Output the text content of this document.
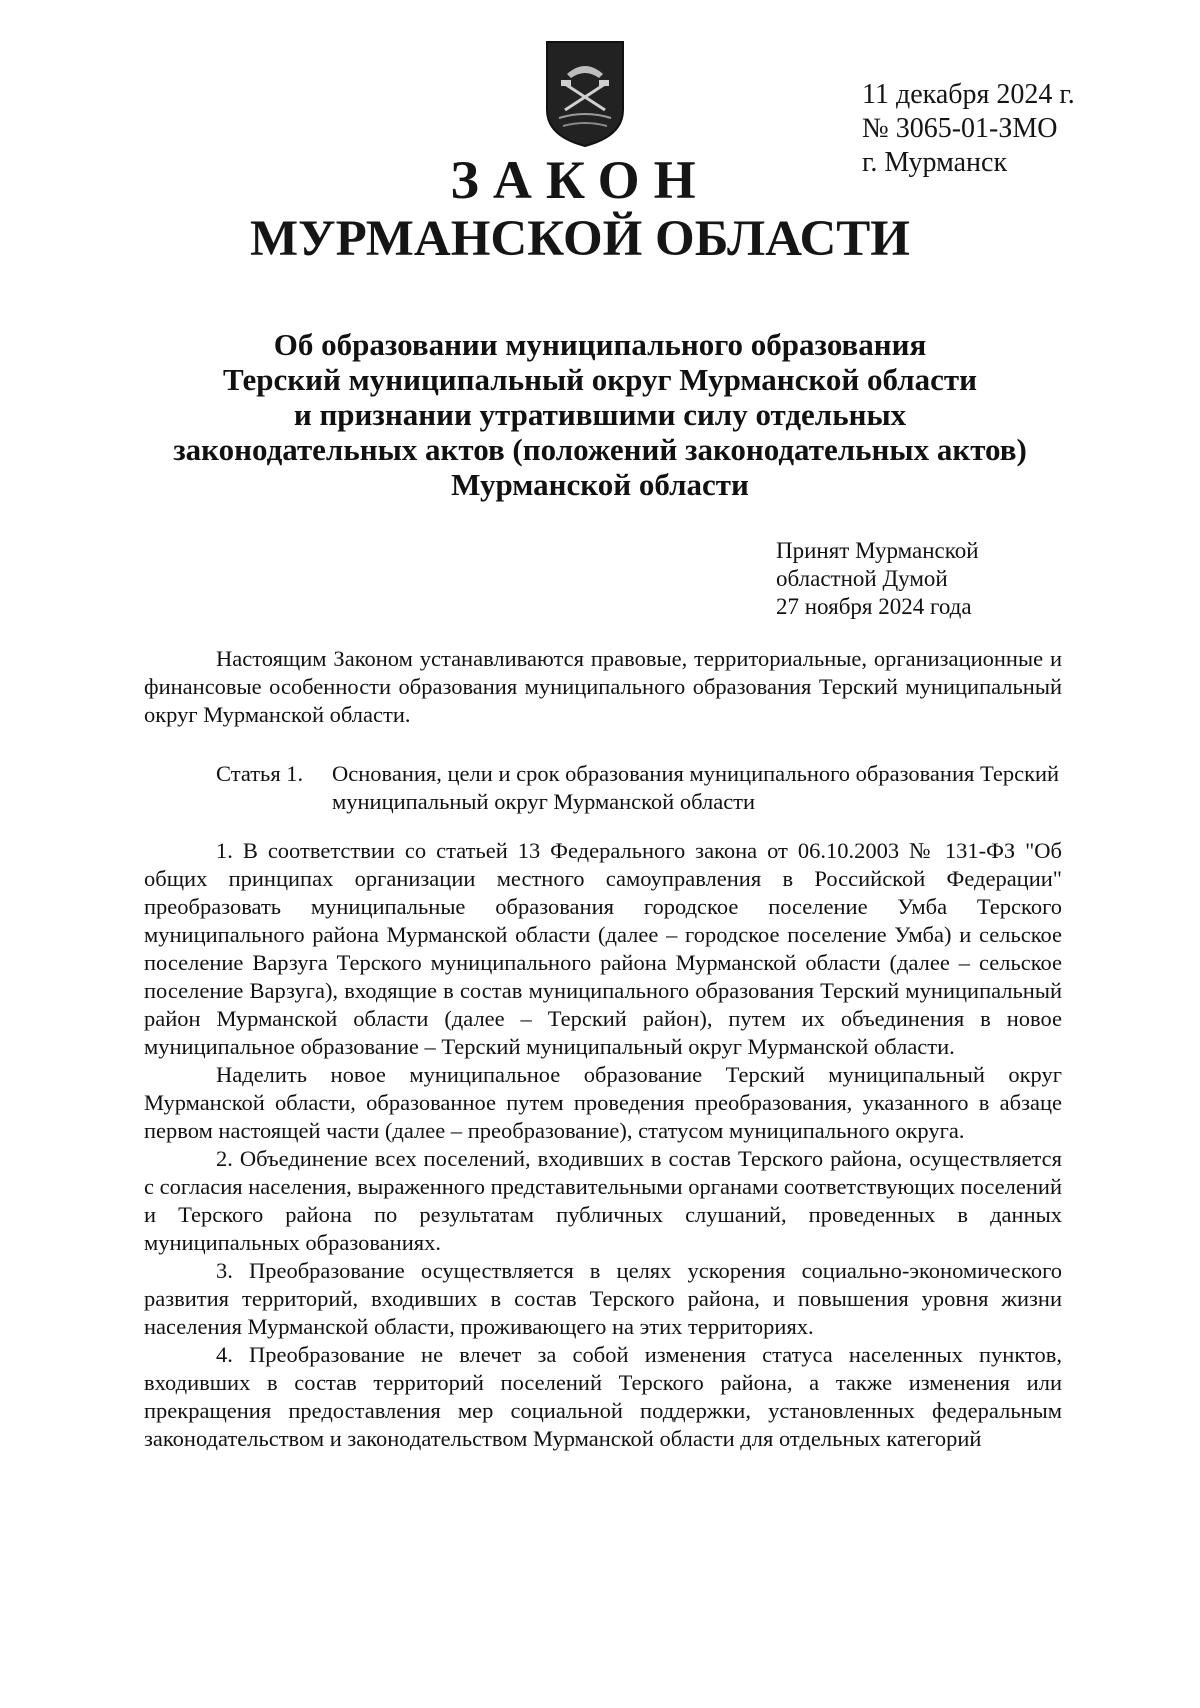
11 декабря 2024 г.
№ 3065-01-ЗМО
г. Мурманск
ЗАКОН
МУРМАНСКОЙ ОБЛАСТИ
Об образовании муниципального образования
Терский муниципальный округ Мурманской области
и признании утратившими силу отдельных
законодательных актов (положений законодательных актов)
Мурманской области
Принят Мурманской
областной Думой
27 ноября 2024 года

Настоящим Законом устанавливаются правовые, территориальные, организационные и финансовые особенности образования муниципального образования Терский муниципальный округ Мурманской области.

Статья 1. Основания, цели и срок образования муниципального образования Терский муниципальный округ Мурманской области

1. В соответствии со статьей 13 Федерального закона от 06.10.2003 № 131-ФЗ "Об общих принципах организации местного самоуправления в Российской Федерации" преобразовать муниципальные образования городское поселение Умба Терского муниципального района Мурманской области (далее – городское поселение Умба) и сельское поселение Варзуга Терского муниципального района Мурманской области (далее – сельское поселение Варзуга), входящие в состав муниципального образования Терский муниципальный район Мурманской области (далее – Терский район), путем их объединения в новое муниципальное образование – Терский муниципальный округ Мурманской области.

Наделить новое муниципальное образование Терский муниципальный округ Мурманской области, образованное путем проведения преобразования, указанного в абзаце первом настоящей части (далее – преобразование), статусом муниципального округа.

2. Объединение всех поселений, входивших в состав Терского района, осуществляется с согласия населения, выраженного представительными органами соответствующих поселений и Терского района по результатам публичных слушаний, проведенных в данных муниципальных образованиях.

3. Преобразование осуществляется в целях ускорения социально-экономического развития территорий, входивших в состав Терского района, и повышения уровня жизни населения Мурманской области, проживающего на этих территориях.

4. Преобразование не влечет за собой изменения статуса населенных пунктов, входивших в состав территорий поселений Терского района, а также изменения или прекращения предоставления мер социальной поддержки, установленных федеральным законодательством и законодательством Мурманской области для отдельных категорий
